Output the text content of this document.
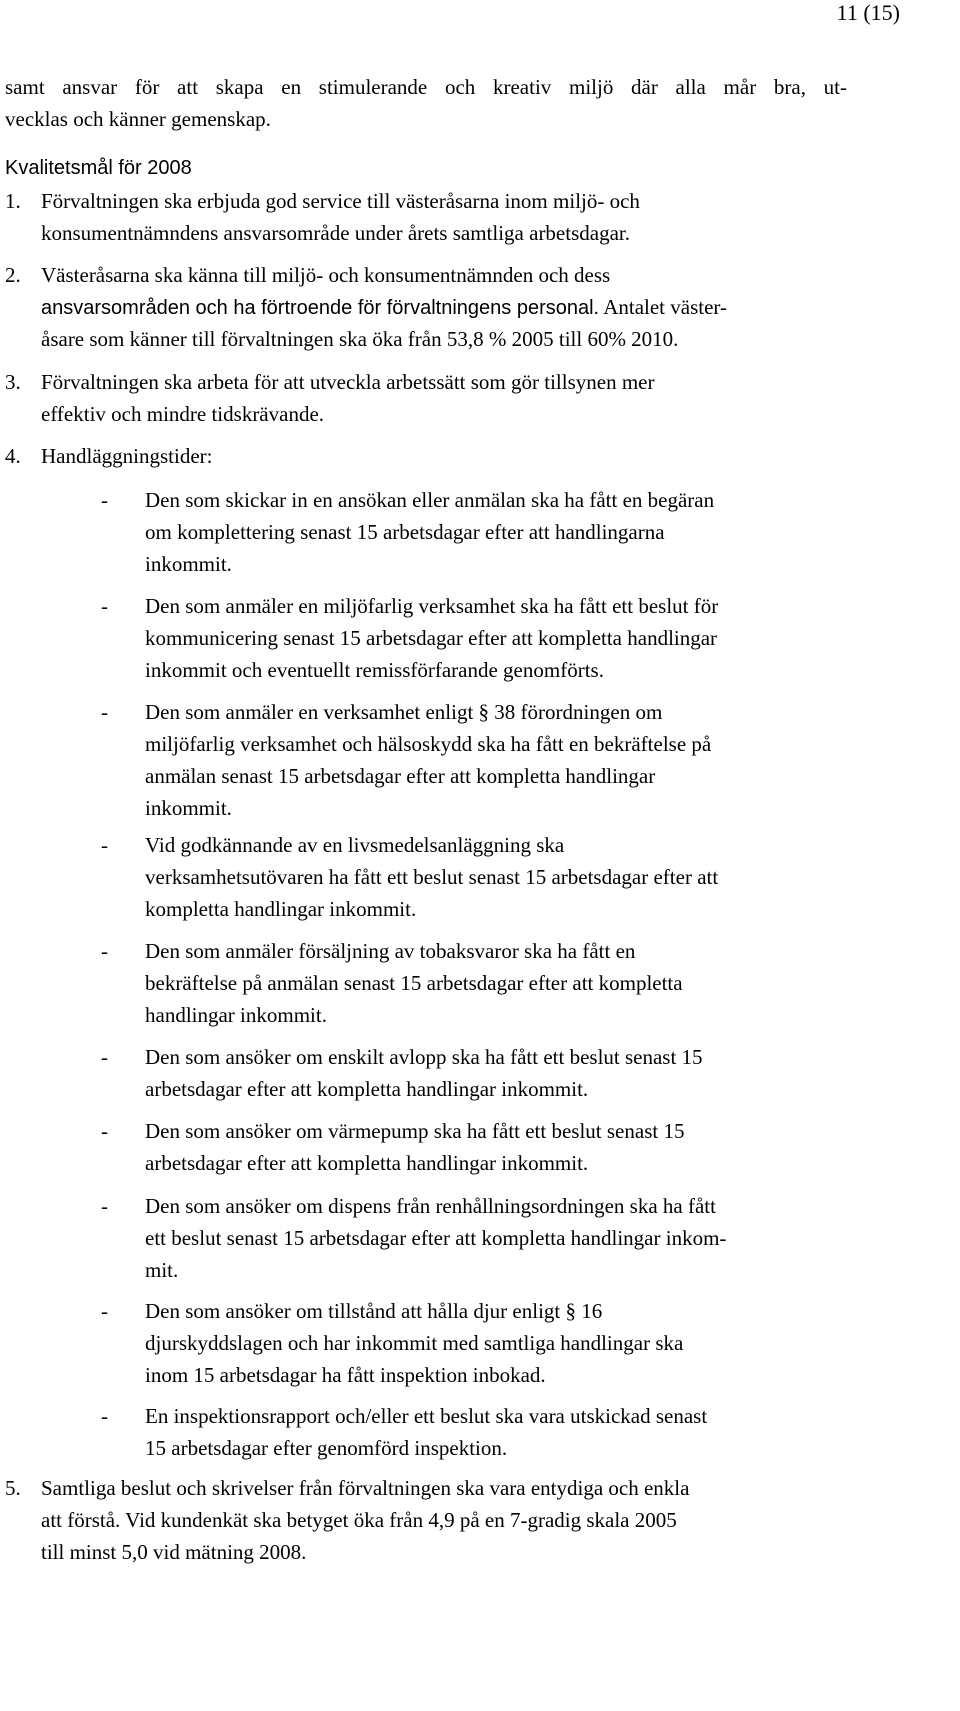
11 (15)
samt ansvar för att skapa en stimulerande och kreativ miljö där alla mår bra, ut-
vecklas och känner gemenskap.
Kvalitetsmål för 2008
1. Förvaltningen ska erbjuda god service till västeråsarna inom miljö- och
konsumentnämndens ansvarsområde under årets samtliga arbetsdagar.
2. Västeråsarna ska känna till miljö- och konsumentnämnden och dess
ansvarsområden och ha förtroende för förvaltningens personal. Antalet väster-
åsare som känner till förvaltningen ska öka från 53,8 % 2005 till 60% 2010.
3. Förvaltningen ska arbeta för att utveckla arbetssätt som gör tillsynen mer
effektiv och mindre tidskrävande.
4. Handläggningstider:
- Den som skickar in en ansökan eller anmälan ska ha fått en begäran
om komplettering senast 15 arbetsdagar efter att handlingarna
inkommit.
- Den som anmäler en miljöfarlig verksamhet ska ha fått ett beslut för
kommunicering senast 15 arbetsdagar efter att kompletta handlingar
inkommit och eventuellt remissförfarande genomförts.
- Den som anmäler en verksamhet enligt § 38 förordningen om
miljöfarlig verksamhet och hälsoskydd ska ha fått en bekräftelse på
anmälan senast 15 arbetsdagar efter att kompletta handlingar
inkommit.
- Vid godkännande av en livsmedelsanläggning ska
verksamhetsutövaren ha fått ett beslut senast 15 arbetsdagar efter att
kompletta handlingar inkommit.
- Den som anmäler försäljning av tobaksvaror ska ha fått en
bekräftelse på anmälan senast 15 arbetsdagar efter att kompletta
handlingar inkommit.
- Den som ansöker om enskilt avlopp ska ha fått ett beslut senast 15
arbetsdagar efter att kompletta handlingar inkommit.
- Den som ansöker om värmepump ska ha fått ett beslut senast 15
arbetsdagar efter att kompletta handlingar inkommit.
- Den som ansöker om dispens från renhållningsordningen ska ha fått
ett beslut senast 15 arbetsdagar efter att kompletta handlingar inkom-
mit.
- Den som ansöker om tillstånd att hålla djur enligt § 16
djurskyddslagen och har inkommit med samtliga handlingar ska
inom 15 arbetsdagar ha fått inspektion inbokad.
- En inspektionsrapport och/eller ett beslut ska vara utskickad senast
15 arbetsdagar efter genomförd inspektion.
5. Samtliga beslut och skrivelser från förvaltningen ska vara entydiga och enkla
att förstå. Vid kundenkät ska betyget öka från 4,9 på en 7-gradig skala 2005
till minst 5,0 vid mätning 2008.
